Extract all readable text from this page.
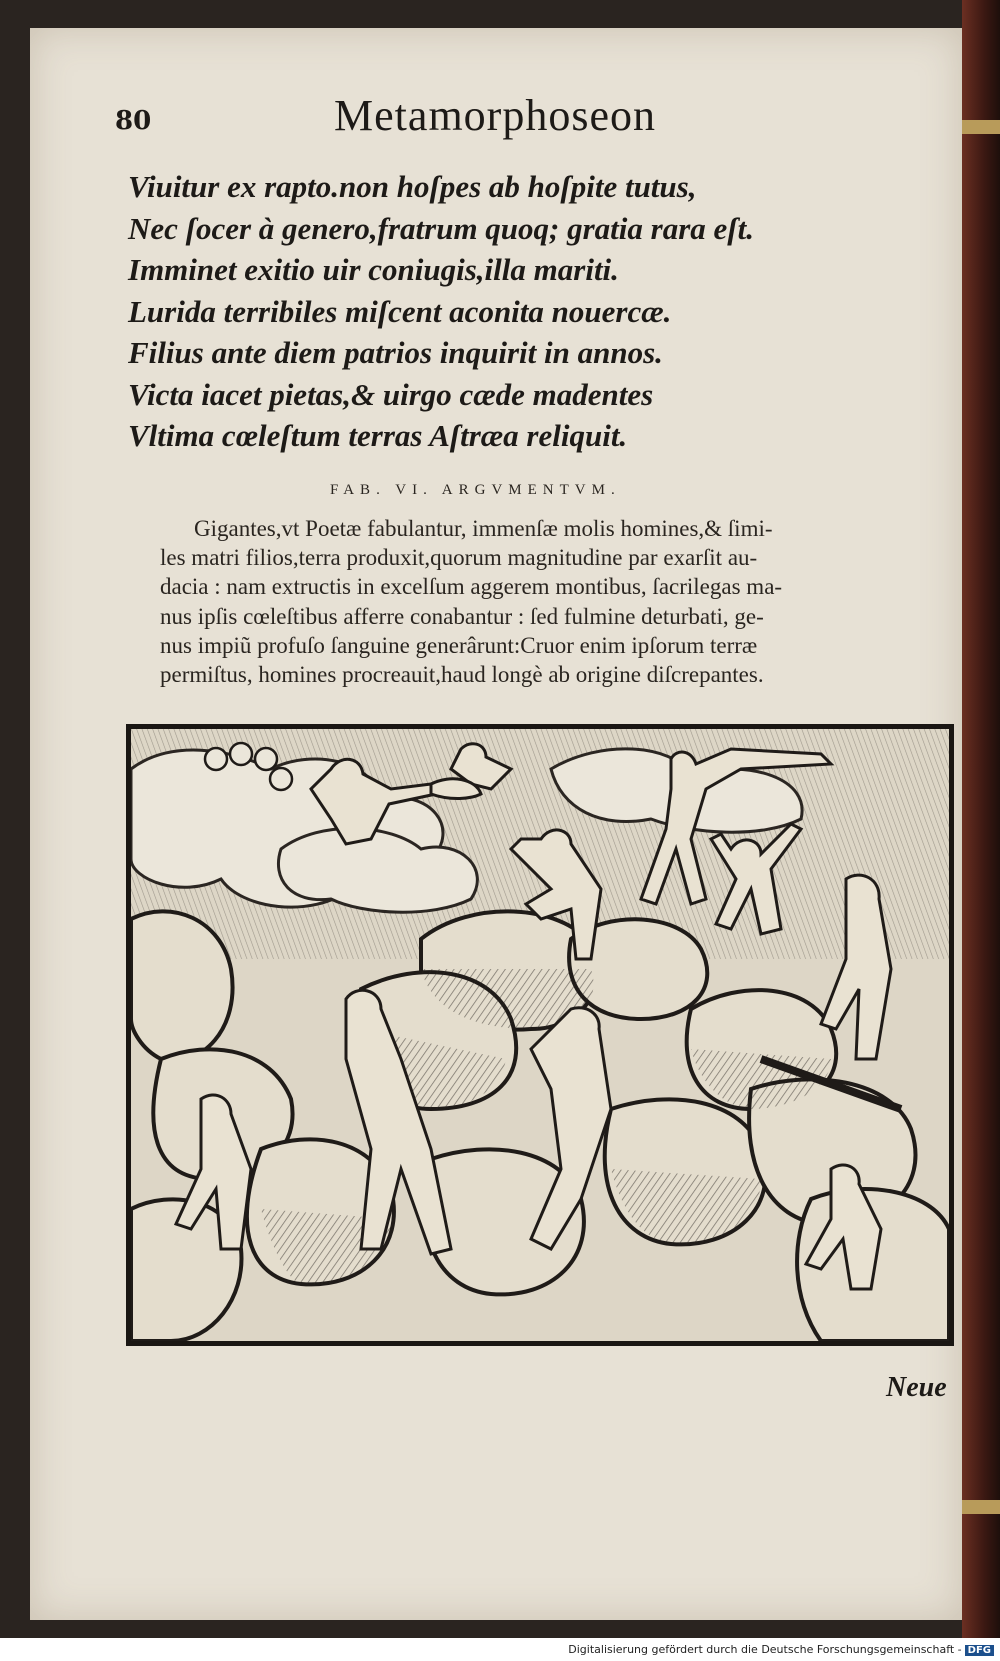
80	Metamorphoseon
Viuitur ex rapto.non hoſpes ab hoſpite tutus,
Nec ſocer à genero,fratrum quoq; gratia rara eſt.
Imminet exitio uir coniugis,illa mariti.
Lurida terribiles miſcent aconita nouercæ.
Filius ante diem patrios inquirit in annos.
Victa iacet pietas,& uirgo cæde madentes
Vltima cœleſtum terras Aſtræa reliquit.
FAB. VI. ARGVMENTVM.
Gigantes,vt Poetæ fabulantur, immenſæ molis homines,& ſimi-
les matri filios,terra produxit,quorum magnitudine par exarſit au-
dacia : nam extructis in excelſum aggerem montibus, ſacrilegas ma-
nus ipſis cœleſtibus afferre conabantur : ſed fulmine deturbati, ge-
nus impiũ profuſo ſanguine generârunt:Cruor enim ipſorum terræ
permiſtus, homines procreauit,haud longè ab origine diſcrepantes.
Neue
Digitalisierung gefördert durch die Deutsche Forschungsgemeinschaft - DFG
